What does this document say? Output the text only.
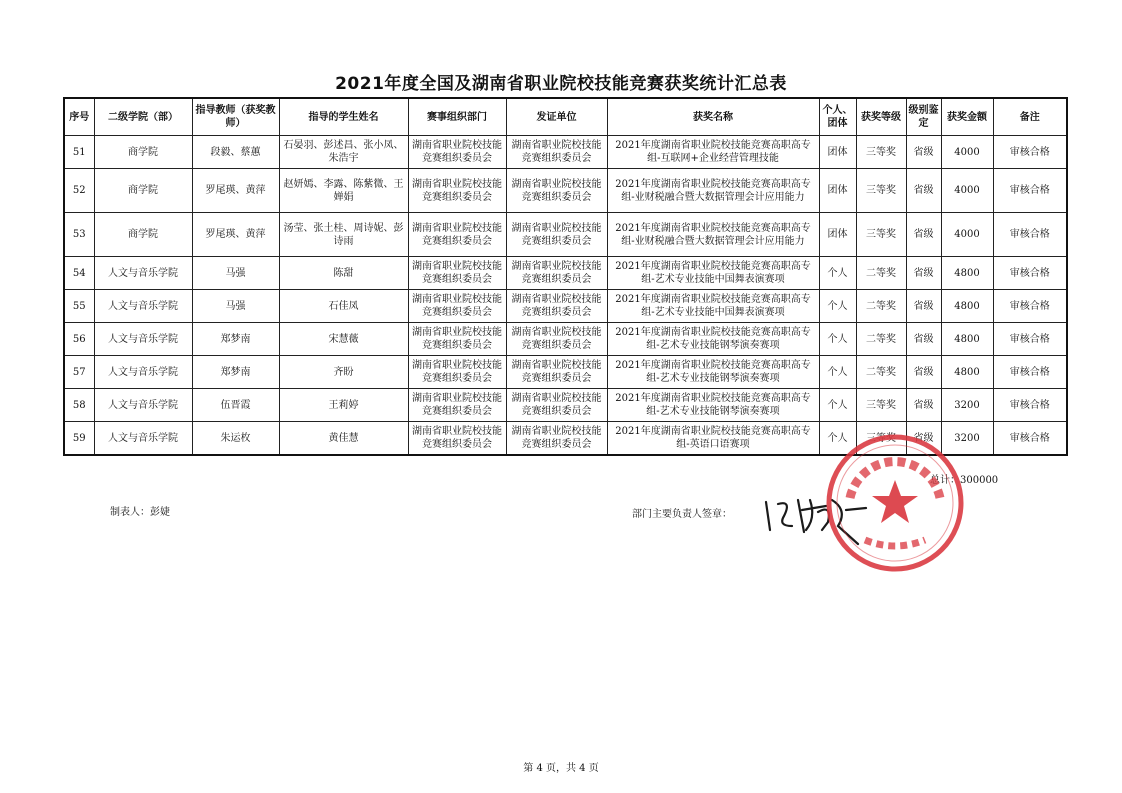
2021年度全国及湖南省职业院校技能竞赛获奖统计汇总表
序号	二级学院（部）	指导教师（获奖教师）	指导的学生姓名	赛事组织部门	发证单位	获奖名称	个人、团体	获奖等级	级别鉴定	获奖金额	备注
51	商学院	段毅、蔡蕙	石晏羽、彭述昌、张小凤、朱浩宇	湖南省职业院校技能竞赛组织委员会	湖南省职业院校技能竞赛组织委员会	2021年度湖南省职业院校技能竞赛高职高专组-互联网+企业经营管理技能	团体	三等奖	省级	4000	审核合格
52	商学院	罗尾瑛、黄萍	赵妍嫣、李露、陈紫微、王婵娟	湖南省职业院校技能竞赛组织委员会	湖南省职业院校技能竞赛组织委员会	2021年度湖南省职业院校技能竞赛高职高专组-业财税融合暨大数据管理会计应用能力	团体	三等奖	省级	4000	审核合格
53	商学院	罗尾瑛、黄萍	汤莹、张土桂、周诗妮、彭诗雨	湖南省职业院校技能竞赛组织委员会	湖南省职业院校技能竞赛组织委员会	2021年度湖南省职业院校技能竞赛高职高专组-业财税融合暨大数据管理会计应用能力	团体	三等奖	省级	4000	审核合格
54	人文与音乐学院	马强	陈甜	湖南省职业院校技能竞赛组织委员会	湖南省职业院校技能竞赛组织委员会	2021年度湖南省职业院校技能竞赛高职高专组-艺术专业技能中国舞表演赛项	个人	二等奖	省级	4800	审核合格
55	人文与音乐学院	马强	石佳凤	湖南省职业院校技能竞赛组织委员会	湖南省职业院校技能竞赛组织委员会	2021年度湖南省职业院校技能竞赛高职高专组-艺术专业技能中国舞表演赛项	个人	二等奖	省级	4800	审核合格
56	人文与音乐学院	郑梦南	宋慧薇	湖南省职业院校技能竞赛组织委员会	湖南省职业院校技能竞赛组织委员会	2021年度湖南省职业院校技能竞赛高职高专组-艺术专业技能钢琴演奏赛项	个人	二等奖	省级	4800	审核合格
57	人文与音乐学院	郑梦南	齐盼	湖南省职业院校技能竞赛组织委员会	湖南省职业院校技能竞赛组织委员会	2021年度湖南省职业院校技能竞赛高职高专组-艺术专业技能钢琴演奏赛项	个人	二等奖	省级	4800	审核合格
58	人文与音乐学院	伍晋霞	王莉婷	湖南省职业院校技能竞赛组织委员会	湖南省职业院校技能竞赛组织委员会	2021年度湖南省职业院校技能竞赛高职高专组-艺术专业技能钢琴演奏赛项	个人	三等奖	省级	3200	审核合格
59	人文与音乐学院	朱运枚	黄佳慧	湖南省职业院校技能竞赛组织委员会	湖南省职业院校技能竞赛组织委员会	2021年度湖南省职业院校技能竞赛高职高专组-英语口语赛项	个人	三等奖	省级	3200	审核合格
制表人：彭婕	部门主要负责人签章：
总计：300000
第 4 页，共 4 页
